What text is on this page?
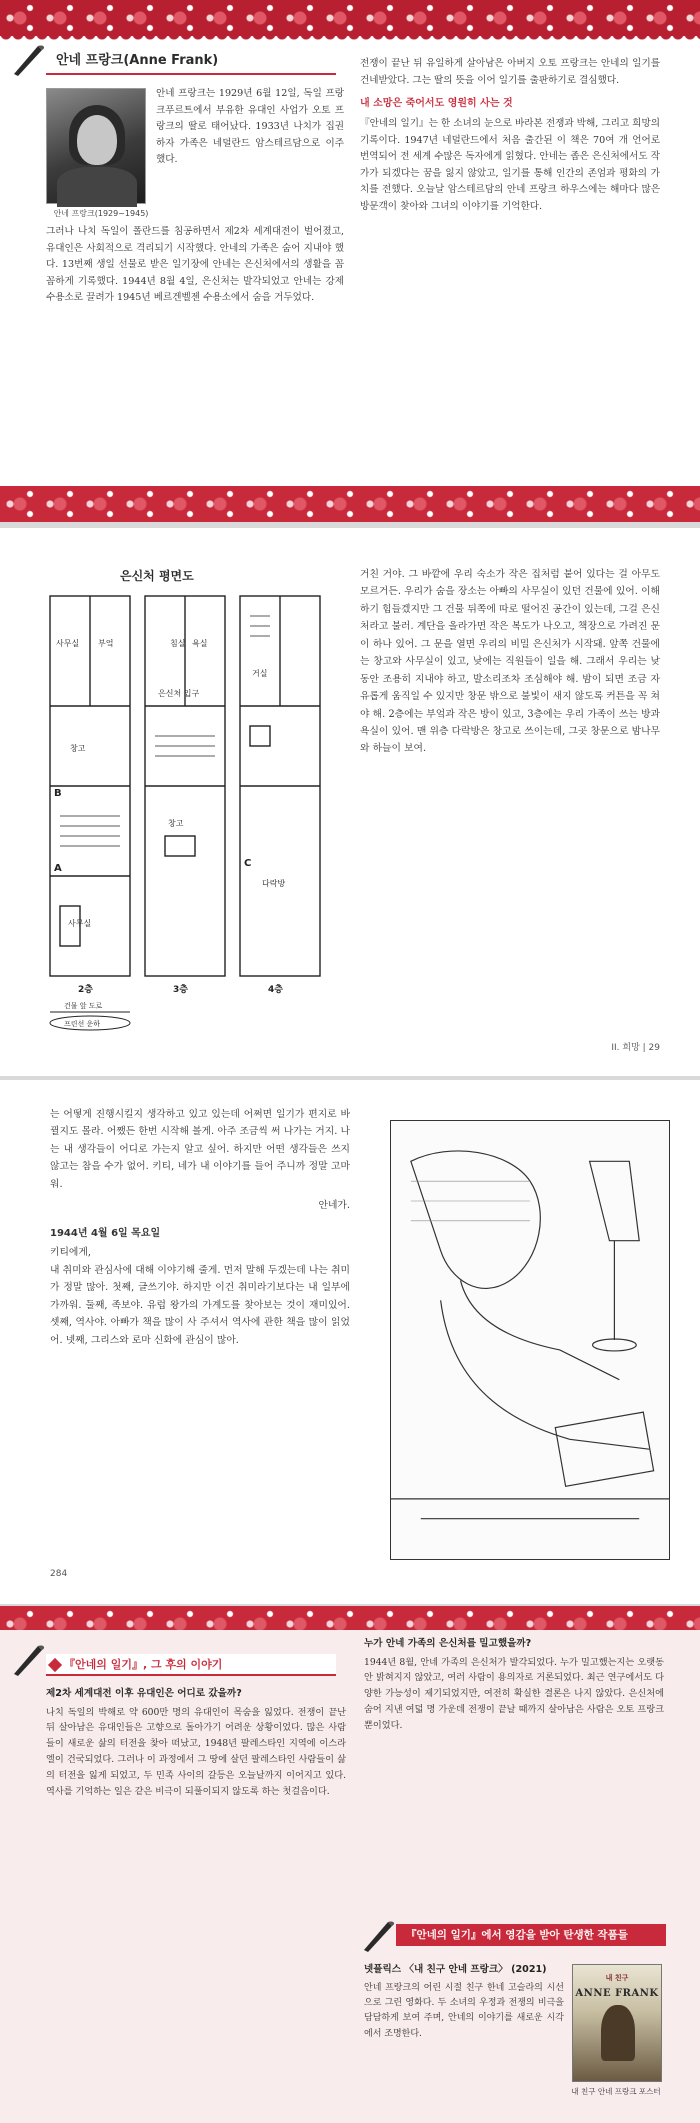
안네 프랑크(Anne Frank)
안네 프랑크(1929~1945)

안네 프랑크는 1929년 6월 12일, 독일 프랑크푸르트에서 부유한 유대인 사업가 오토 프랑크의 딸로 태어났다. 1933년 나치가 집권하자 가족은 네덜란드 암스테르담으로 이주했다.

그러나 나치 독일이 폴란드를 침공하면서 제2차 세계대전이 벌어졌고, 유대인은 사회적으로 격리되기 시작했다. 안네의 가족은 숨어 지내야 했다. 13번째 생일 선물로 받은 일기장에 안네는 은신처에서의 생활을 꼼꼼하게 기록했다. 1944년 8월 4일, 은신처는 발각되었고 안네는 강제 수용소로 끌려가 1945년 베르겐벨젠 수용소에서 숨을 거두었다.

전쟁이 끝난 뒤 유일하게 살아남은 아버지 오토 프랑크는 안네의 일기를 건네받았다. 그는 딸의 뜻을 이어 일기를 출판하기로 결심했다.

내 소망은 죽어서도 영원히 사는 것

『안네의 일기』는 한 소녀의 눈으로 바라본 전쟁과 박해, 그리고 희망의 기록이다. 1947년 네덜란드에서 처음 출간된 이 책은 70여 개 언어로 번역되어 전 세계 수많은 독자에게 읽혔다. 안네는 좁은 은신처에서도 작가가 되겠다는 꿈을 잃지 않았고, 일기를 통해 인간의 존엄과 평화의 가치를 전했다. 오늘날 암스테르담의 안네 프랑크 하우스에는 해마다 많은 방문객이 찾아와 그녀의 이야기를 기억한다.

은신처 평면도
사무실 부엌
창고
사무실
침실 욕실
창고
은신처 입구
거실
다락방
A
B
C
2층	3층	4층
건물 앞 도로
프린선 운하

거친 거야. 그 바깥에 우리 숙소가 작은 집처럼 붙어 있다는 걸 아무도 모르거든. 우리가 숨을 장소는 아빠의 사무실이 있던 건물에 있어. 이해하기 힘들겠지만 그 건물 뒤쪽에 따로 떨어진 공간이 있는데, 그걸 은신처라고 불러. 계단을 올라가면 작은 복도가 나오고, 책장으로 가려진 문이 하나 있어. 그 문을 열면 우리의 비밀 은신처가 시작돼. 앞쪽 건물에는 창고와 사무실이 있고, 낮에는 직원들이 일을 해. 그래서 우리는 낮 동안 조용히 지내야 하고, 발소리조차 조심해야 해. 밤이 되면 조금 자유롭게 움직일 수 있지만 창문 밖으로 불빛이 새지 않도록 커튼을 꼭 쳐야 해. 2층에는 부엌과 작은 방이 있고, 3층에는 우리 가족이 쓰는 방과 욕실이 있어. 맨 위층 다락방은 창고로 쓰이는데, 그곳 창문으로 밤나무와 하늘이 보여.

II. 희망 | 29

는 어떻게 진행시킬지 생각하고 있고 있는데 어쩌면 일기가 편지로 바뀔지도 몰라. 어쨌든 한번 시작해 볼게. 아주 조금씩 써 나가는 거지. 나는 내 생각들이 어디로 가는지 알고 싶어. 하지만 어떤 생각들은 쓰지 않고는 참을 수가 없어. 키티, 네가 내 이야기를 들어 주니까 정말 고마워.

안네가.

1944년 4월 6일 목요일

키티에게,

내 취미와 관심사에 대해 이야기해 줄게. 먼저 말해 두겠는데 나는 취미가 정말 많아. 첫째, 글쓰기야. 하지만 이건 취미라기보다는 내 일부에 가까워. 둘째, 족보야. 유럽 왕가의 가계도를 찾아보는 것이 재미있어. 셋째, 역사야. 아빠가 책을 많이 사 주셔서 역사에 관한 책을 많이 읽었어. 넷째, 그리스와 로마 신화에 관심이 많아.

284
『안네의 일기』, 그 후의 이야기

제2차 세계대전 이후 유대인은 어디로 갔을까?

나치 독일의 박해로 약 600만 명의 유대인이 목숨을 잃었다. 전쟁이 끝난 뒤 살아남은 유대인들은 고향으로 돌아가기 어려운 상황이었다. 많은 사람들이 새로운 삶의 터전을 찾아 떠났고, 1948년 팔레스타인 지역에 이스라엘이 건국되었다. 그러나 이 과정에서 그 땅에 살던 팔레스타인 사람들이 삶의 터전을 잃게 되었고, 두 민족 사이의 갈등은 오늘날까지 이어지고 있다. 역사를 기억하는 일은 같은 비극이 되풀이되지 않도록 하는 첫걸음이다.

누가 안네 가족의 은신처를 밀고했을까?

1944년 8월, 안네 가족의 은신처가 발각되었다. 누가 밀고했는지는 오랫동안 밝혀지지 않았고, 여러 사람이 용의자로 거론되었다. 최근 연구에서도 다양한 가능성이 제기되었지만, 여전히 확실한 결론은 나지 않았다. 은신처에 숨어 지낸 여덟 명 가운데 전쟁이 끝날 때까지 살아남은 사람은 오토 프랑크뿐이었다.

『안네의 일기』에서 영감을 받아 탄생한 작품들

넷플릭스 〈내 친구 안네 프랑크〉 (2021)

안네 프랑크의 어린 시절 친구 한네 고슬라의 시선으로 그린 영화다. 두 소녀의 우정과 전쟁의 비극을 담담하게 보여 주며, 안네의 이야기를 새로운 시각에서 조명한다.

내 친구
ANNE FRANK
내 친구 안네 프랑크 포스터
